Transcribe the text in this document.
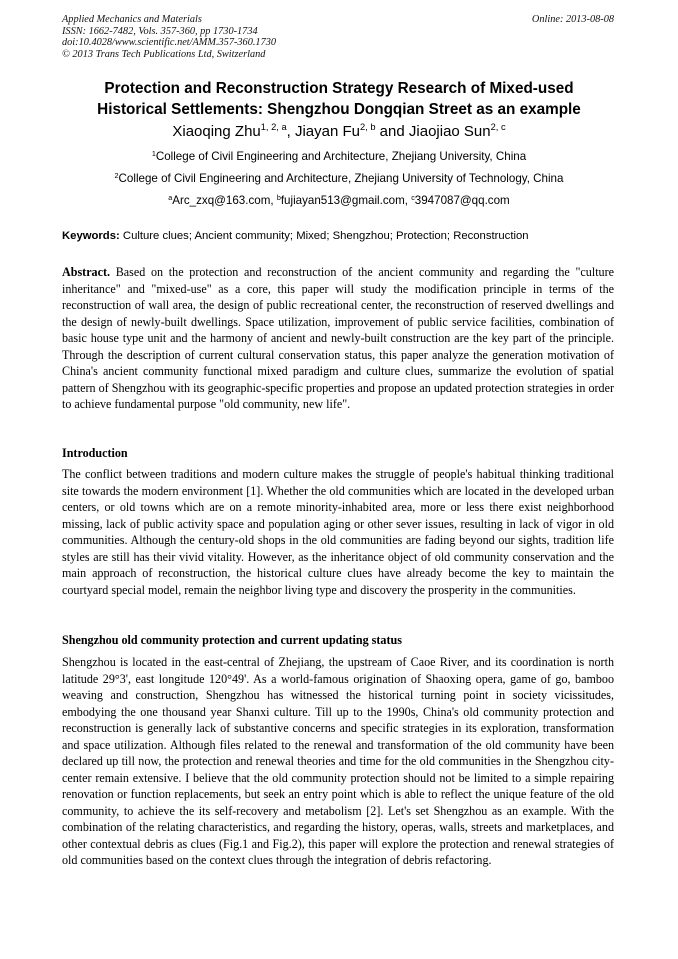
Applied Mechanics and Materials
ISSN: 1662-7482, Vols. 357-360, pp 1730-1734
doi:10.4028/www.scientific.net/AMM.357-360.1730
© 2013 Trans Tech Publications Ltd, Switzerland
Online: 2013-08-08
Protection and Reconstruction Strategy Research of Mixed-used
Historical Settlements: Shengzhou Dongqian Street as an example
Xiaoqing Zhu$^{1, 2, a}$, Jiayan Fu$^{2, b}$ and Jiaojiao Sun$^{2, c}$
$^1$College of Civil Engineering and Architecture, Zhejiang University, China
$^2$College of Civil Engineering and Architecture, Zhejiang University of Technology, China
$^a$Arc_zxq@163.com, $^b$fujiayan513@gmail.com, $^c$3947087@qq.com
Keywords: Culture clues; Ancient community; Mixed; Shengzhou; Protection; Reconstruction
Abstract. Based on the protection and reconstruction of the ancient community and regarding the "culture inheritance" and "mixed-use" as a core, this paper will study the modification principle in terms of the reconstruction of wall area, the design of public recreational center, the reconstruction of reserved dwellings and the design of newly-built dwellings. Space utilization, improvement of public service facilities, combination of basic house type unit and the harmony of ancient and newly-built construction are the key part of the principle. Through the description of current cultural conservation status, this paper analyze the generation motivation of China's ancient community functional mixed paradigm and culture clues, summarize the evolution of spatial pattern of Shengzhou with its geographic-specific properties and propose an updated protection strategies in order to achieve fundamental purpose "old community, new life".
Introduction
The conflict between traditions and modern culture makes the struggle of people's habitual thinking traditional site towards the modern environment [1]. Whether the old communities which are located in the developed urban centers, or old towns which are on a remote minority-inhabited area, more or less there exist neighborhood missing, lack of public activity space and population aging or other sever issues, resulting in lack of vigor in old communities. Although the century-old shops in the old communities are fading beyond our sights, tradition life styles are still has their vivid vitality. However, as the inheritance object of old community conservation and the main approach of reconstruction, the historical culture clues have already become the key to maintain the courtyard special model, remain the neighbor living type and discovery the prosperity in the communities.
Shengzhou old community protection and current updating status
Shengzhou is located in the east-central of Zhejiang, the upstream of Caoe River, and its coordination is north latitude 29°3', east longitude 120°49'. As a world-famous origination of Shaoxing opera, game of go, bamboo weaving and construction, Shengzhou has witnessed the historical turning point in society vicissitudes, embodying the one thousand year Shanxi culture. Till up to the 1990s, China's old community protection and reconstruction is generally lack of substantive concerns and specific strategies in its exploration, transformation and space utilization. Although files related to the renewal and transformation of the old community have been declared up till now, the protection and renewal theories and time for the old communities in the Shengzhou city-center remain extensive. I believe that the old community protection should not be limited to a simple repairing renovation or function replacements, but seek an entry point which is able to reflect the unique feature of the old community, to achieve the its self-recovery and metabolism [2]. Let's set Shengzhou as an example. With the combination of the relating characteristics, and regarding the history, operas, walls, streets and marketplaces, and other contextual debris as clues (Fig.1 and Fig.2), this paper will explore the protection and renewal strategies of old communities based on the context clues through the integration of debris refactoring.
